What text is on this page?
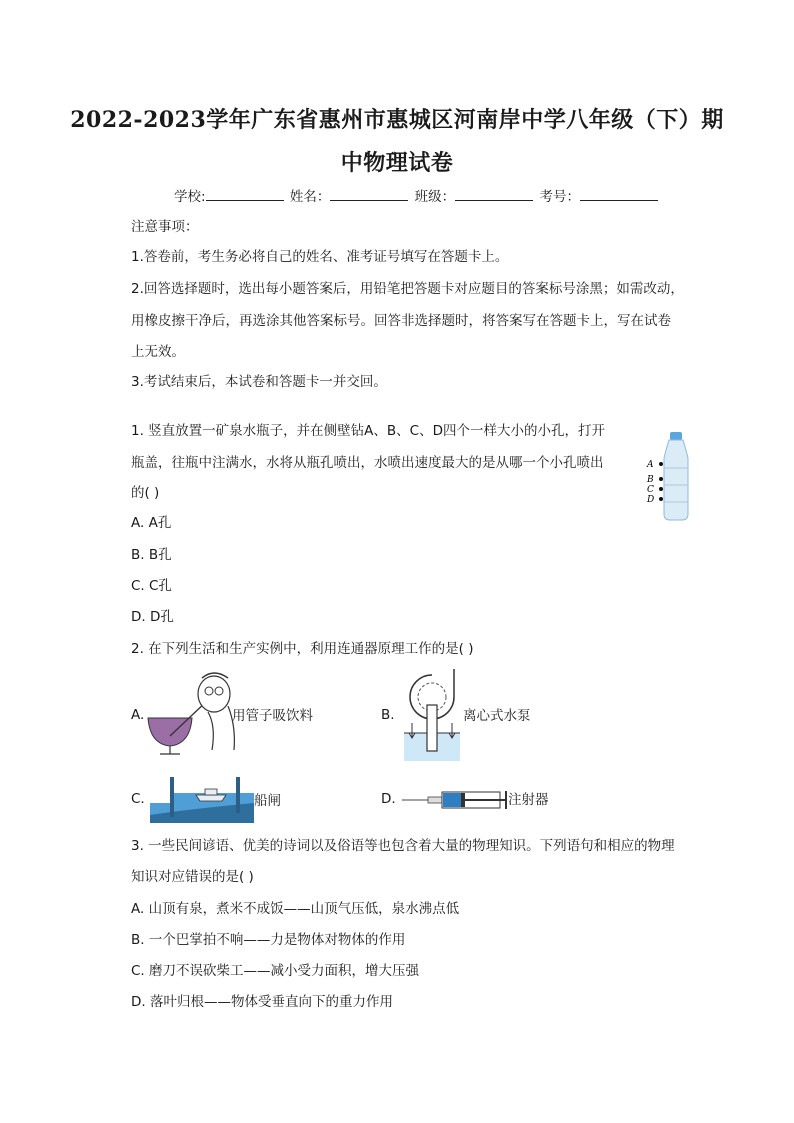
2022-2023学年广东省惠州市惠城区河南岸中学八年级（下）期
中物理试卷
学校:	姓名：	班级：	考号：
注意事项：
1.答卷前，考生务必将自己的姓名、准考证号填写在答题卡上。
2.回答选择题时，选出每小题答案后，用铅笔把答题卡对应题目的答案标号涂黑；如需改动，
用橡皮擦干净后，再选涂其他答案标号。回答非选择题时，将答案写在答题卡上，写在试卷
上无效。
3.考试结束后，本试卷和答题卡一并交回。
1. 竖直放置一矿泉水瓶子，并在侧壁钻A、B、C、D四个一样大小的小孔，打开
瓶盖，往瓶中注满水，水将从瓶孔喷出，水喷出速度最大的是从哪一个小孔喷出
的( )
A. A孔
B. B孔
C. C孔
D. D孔
A
B
C
D
2. 在下列生活和生产实例中，利用连通器原理工作的是( )
A.	用管子吸饮料	B.	离心式水泵
C.	船闸	D.	注射器
3. 一些民间谚语、优美的诗词以及俗语等也包含着大量的物理知识。下列语句和相应的物理
知识对应错误的是( )
A. 山顶有泉，煮米不成饭——山顶气压低，泉水沸点低
B. 一个巴掌拍不响——力是物体对物体的作用
C. 磨刀不误砍柴工——减小受力面积，增大压强
D. 落叶归根——物体受垂直向下的重力作用
